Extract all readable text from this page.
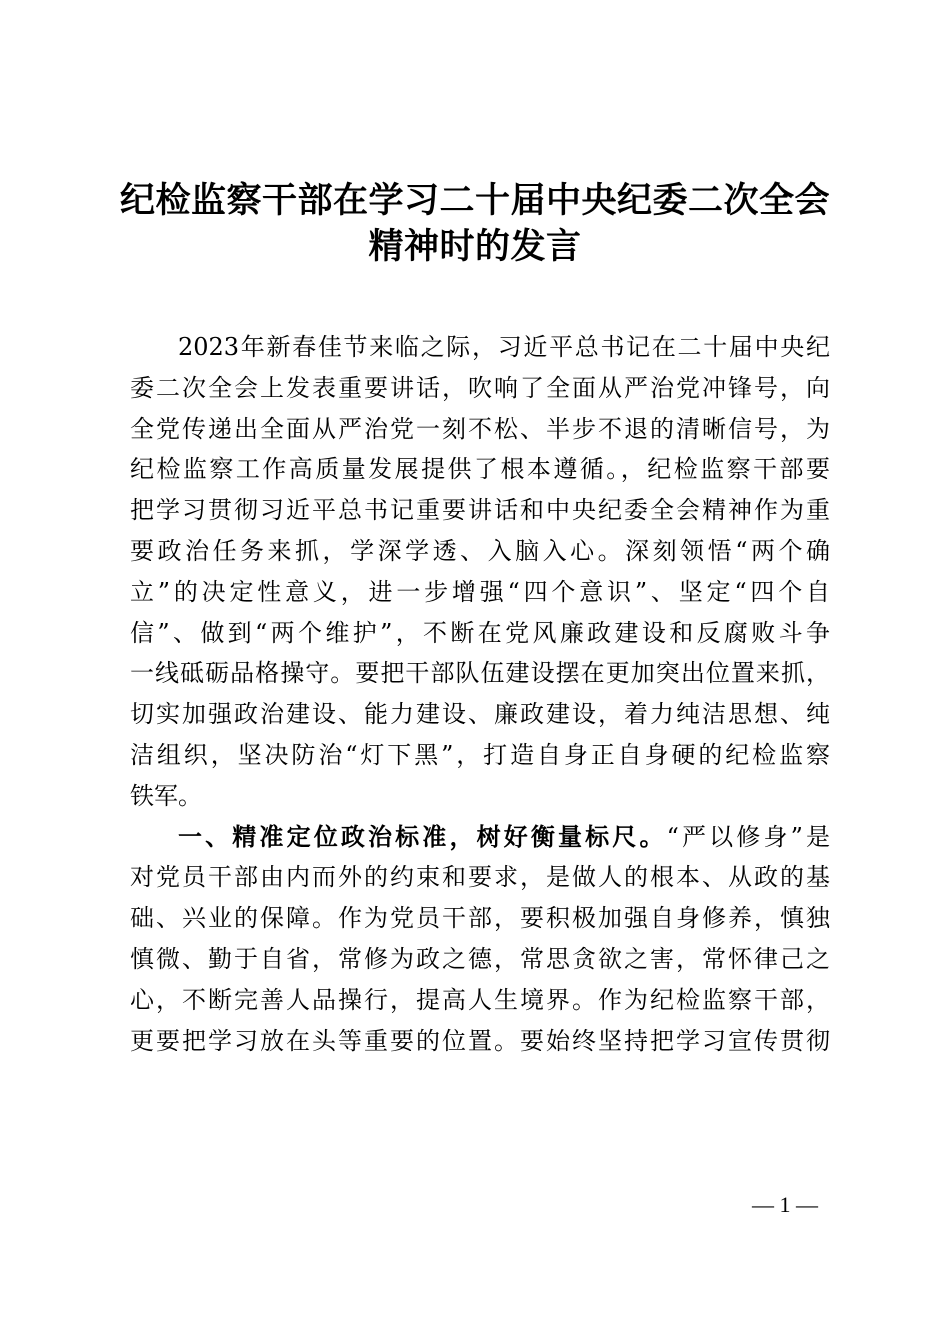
纪检监察干部在学习二十届中央纪委二次全会
精神时的发言
2023年新春佳节来临之际，习近平总书记在二十届中央纪
委二次全会上发表重要讲话，吹响了全面从严治党冲锋号，向
全党传递出全面从严治党一刻不松、半步不退的清晰信号，为
纪检监察工作高质量发展提供了根本遵循。，纪检监察干部要
把学习贯彻习近平总书记重要讲话和中央纪委全会精神作为重
要政治任务来抓，学深学透、入脑入心。深刻领悟“两个确
立”的决定性意义，进一步增强“四个意识”、坚定“四个自
信”、做到“两个维护”，不断在党风廉政建设和反腐败斗争
一线砥砺品格操守。要把干部队伍建设摆在更加突出位置来抓，
切实加强政治建设、能力建设、廉政建设，着力纯洁思想、纯
洁组织，坚决防治“灯下黑”，打造自身正自身硬的纪检监察
铁军。
一、精准定位政治标准，树好衡量标尺。“严以修身”是
对党员干部由内而外的约束和要求，是做人的根本、从政的基
础、兴业的保障。作为党员干部，要积极加强自身修养，慎独
慎微、勤于自省，常修为政之德，常思贪欲之害，常怀律己之
心，不断完善人品操行，提高人生境界。作为纪检监察干部，
更要把学习放在头等重要的位置。要始终坚持把学习宣传贯彻
— 1 —
